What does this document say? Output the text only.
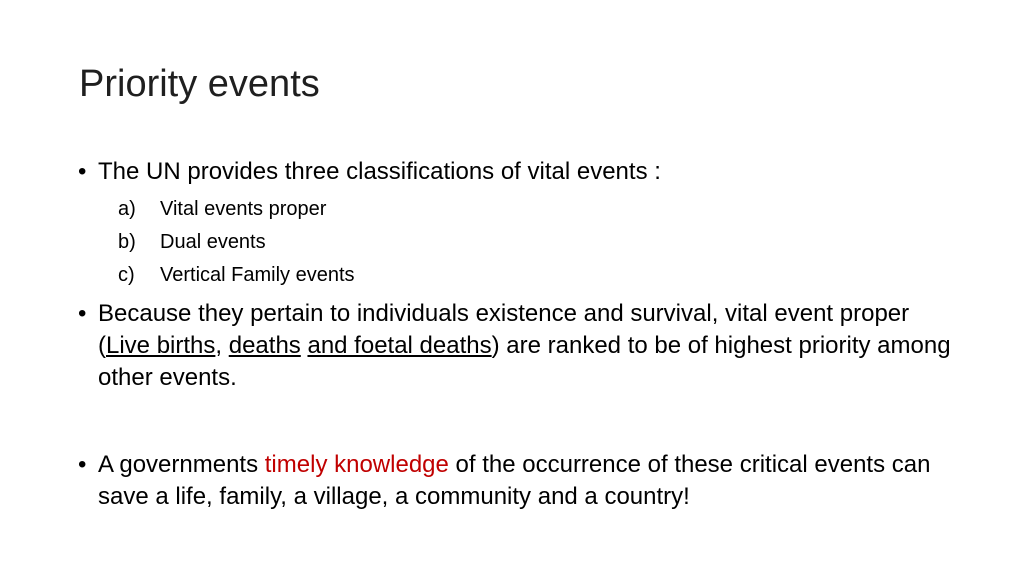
Priority events
• The UN provides three classifications of vital events :
a) Vital events proper
b) Dual events
c) Vertical Family events
• Because they pertain to individuals existence and survival, vital event proper (Live births, deaths and foetal deaths) are ranked to be of highest priority among other events.
• A governments timely knowledge of the occurrence of these critical events can save a life, family, a village, a community and a country!
